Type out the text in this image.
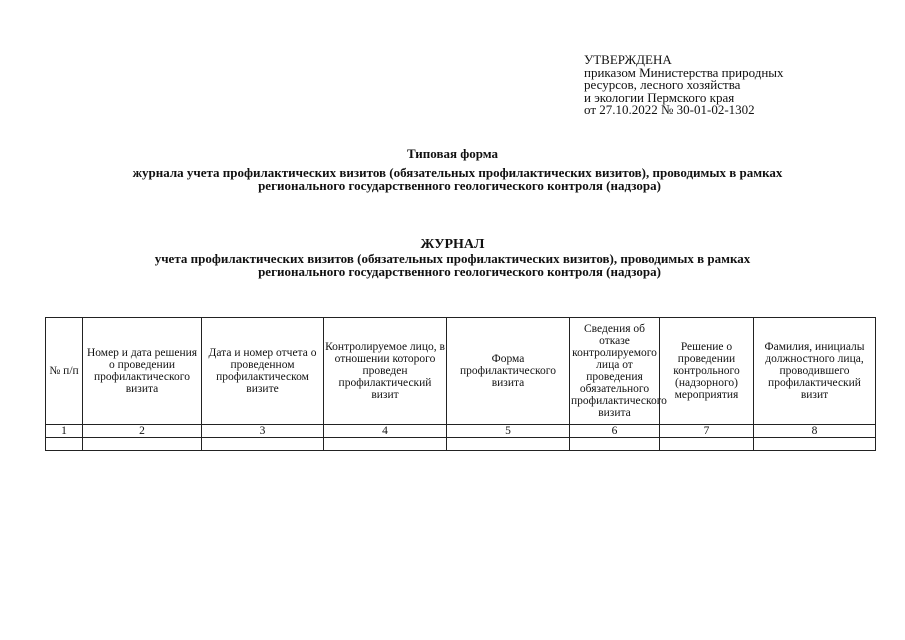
УТВЕРЖДЕНА
приказом Министерства природных
ресурсов, лесного хозяйства
и экологии Пермского края
от 27.10.2022 № 30-01-02-1302
Типовая форма
журнала учета профилактических визитов (обязательных профилактических визитов), проводимых в рамках
регионального государственного геологического контроля (надзора)
ЖУРНАЛ
учета профилактических визитов (обязательных профилактических визитов), проводимых в рамках
регионального государственного геологического контроля (надзора)
№ п/п	Номер и дата решения о проведении профилактического визита	Дата и номер отчета о проведенном профилактическом визите	Контролируемое лицо, в отношении которого проведен профилактический визит	Форма профилактического визита	Сведения об отказе контролируемого лица от проведения обязательного профилактического визита	Решение о проведении контрольного (надзорного) мероприятия	Фамилия, инициалы должностного лица, проводившего профилактический визит
1	2	3	4	5	6	7	8
